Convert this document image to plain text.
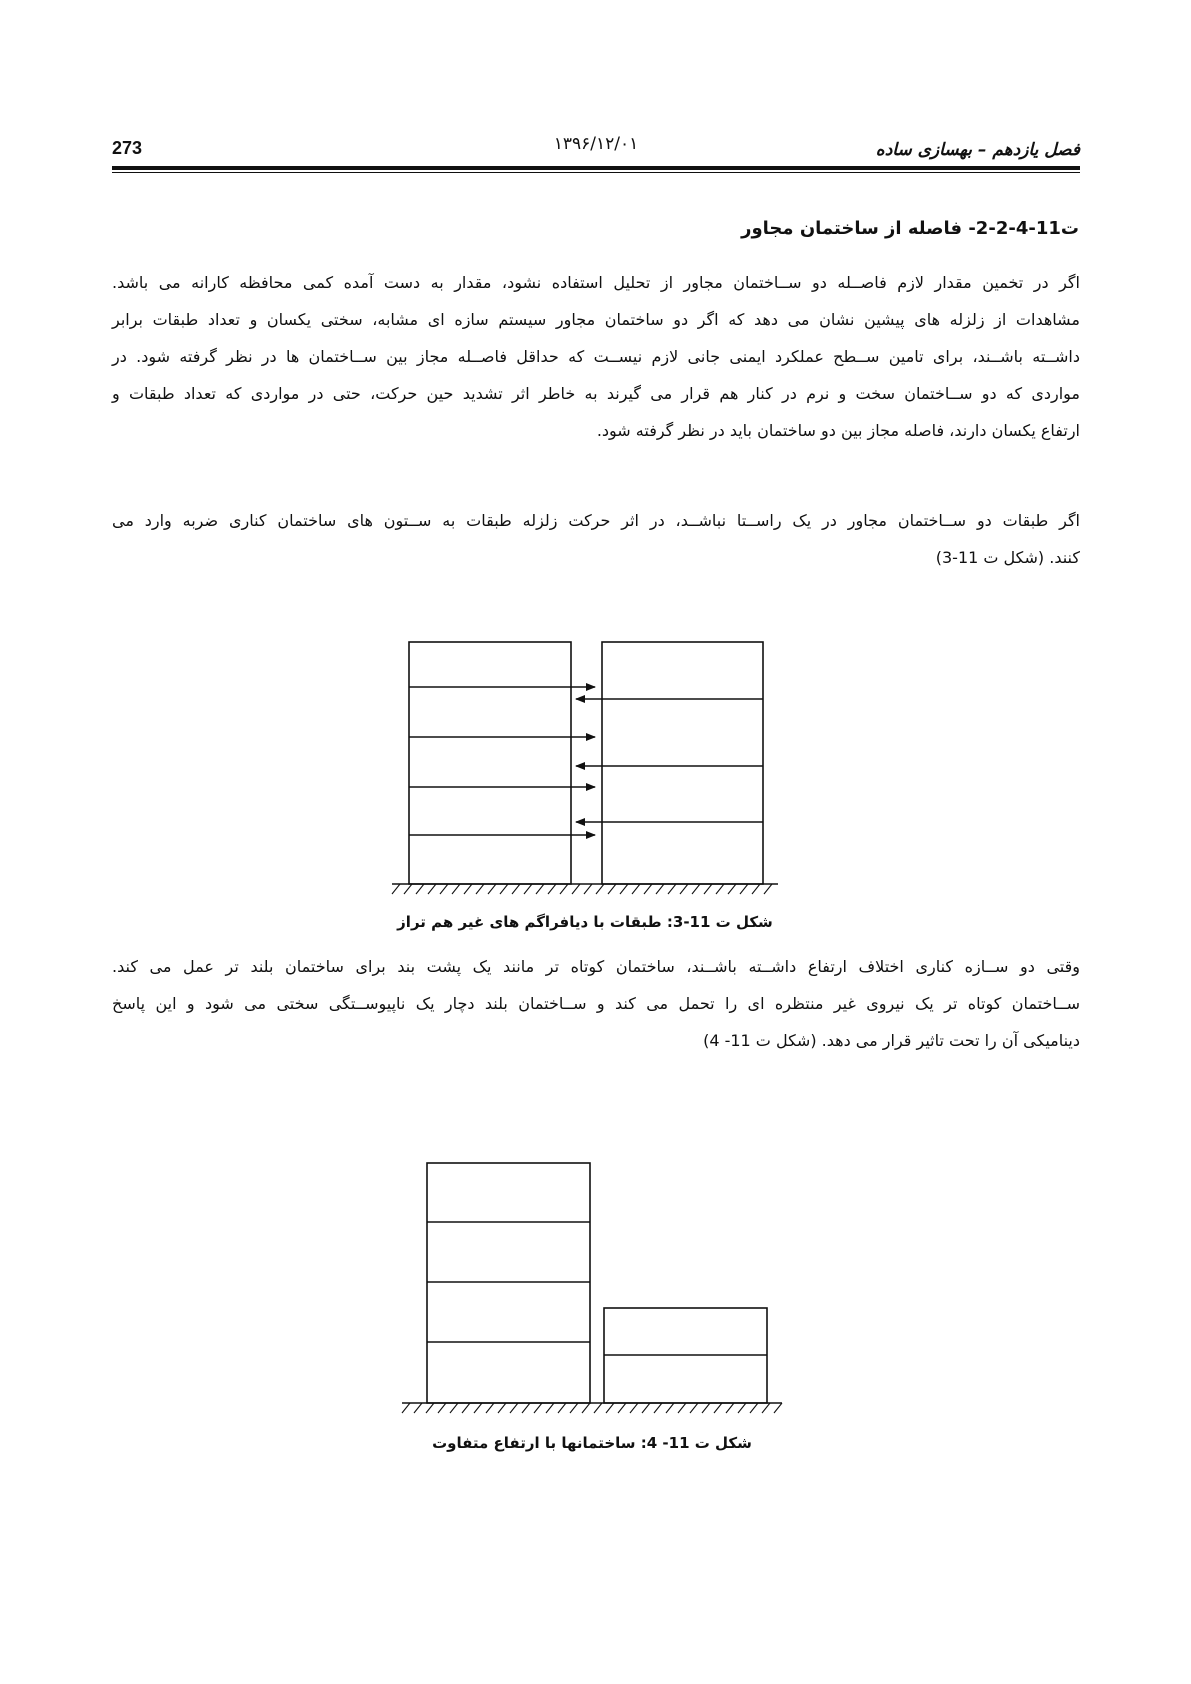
273	۱۳۹۶/۱۲/۰۱	فصل یازدهم – بهسازی ساده
ت11-4-2-2- فاصله از ساختمان مجاور
اگر در تخمین مقدار لازم فاصــله دو ســاختمان مجاور از تحلیل استفاده نشود، مقدار به دست آمده کمی محافظه کارانه می باشد.
مشاهدات از زلزله های پیشین نشان می دهد که اگر دو ساختمان مجاور سیستم سازه ای مشابه، سختی یکسان و تعداد طبقات برابر
داشــته باشــند، برای تامین ســطح عملکرد ایمنی جانی لازم نیســت که حداقل فاصــله مجاز بین ســاختمان ها در نظر گرفته شود. در
مواردی که دو ســاختمان سخت و نرم در کنار هم قرار می گیرند به خاطر اثر تشدید حین حرکت، حتی در مواردی که تعداد طبقات و
ارتفاع یکسان دارند، فاصله مجاز بین دو ساختمان باید در نظر گرفته شود.
اگر طبقات دو ســاختمان مجاور در یک راســتا نباشــد، در اثر حرکت زلزله طبقات به ســتون های ساختمان کناری ضربه وارد می
کنند. (شکل ت 11-3)
شکل ت 11-3: طبقات با دیافراگم های غیر هم تراز
وقتی دو ســازه کناری اختلاف ارتفاع داشــته باشــند، ساختمان کوتاه تر مانند یک پشت بند برای ساختمان بلند تر عمل می کند.
ســاختمان کوتاه تر یک نیروی غیر منتظره ای را تحمل می کند و ســاختمان بلند دچار یک ناپیوســتگی سختی می شود و این پاسخ
دینامیکی آن را تحت تاثیر قرار می دهد. (شکل ت 11- 4)
شکل ت 11- 4: ساختمانها با ارتفاع متفاوت
